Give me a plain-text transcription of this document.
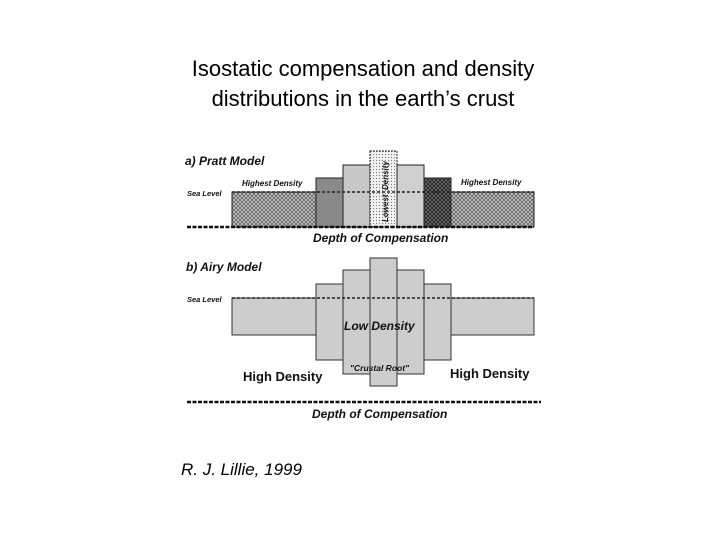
Isostatic compensation and density
distributions in the earth’s crust
a) Pratt Model
Sea Level
Highest Density	Highest Density
Lowest
Density
Depth of Compensation
b) Airy Model
Sea Level
Low Density
"Crustal Root"
High Density	High Density
Depth of Compensation
R. J. Lillie, 1999
